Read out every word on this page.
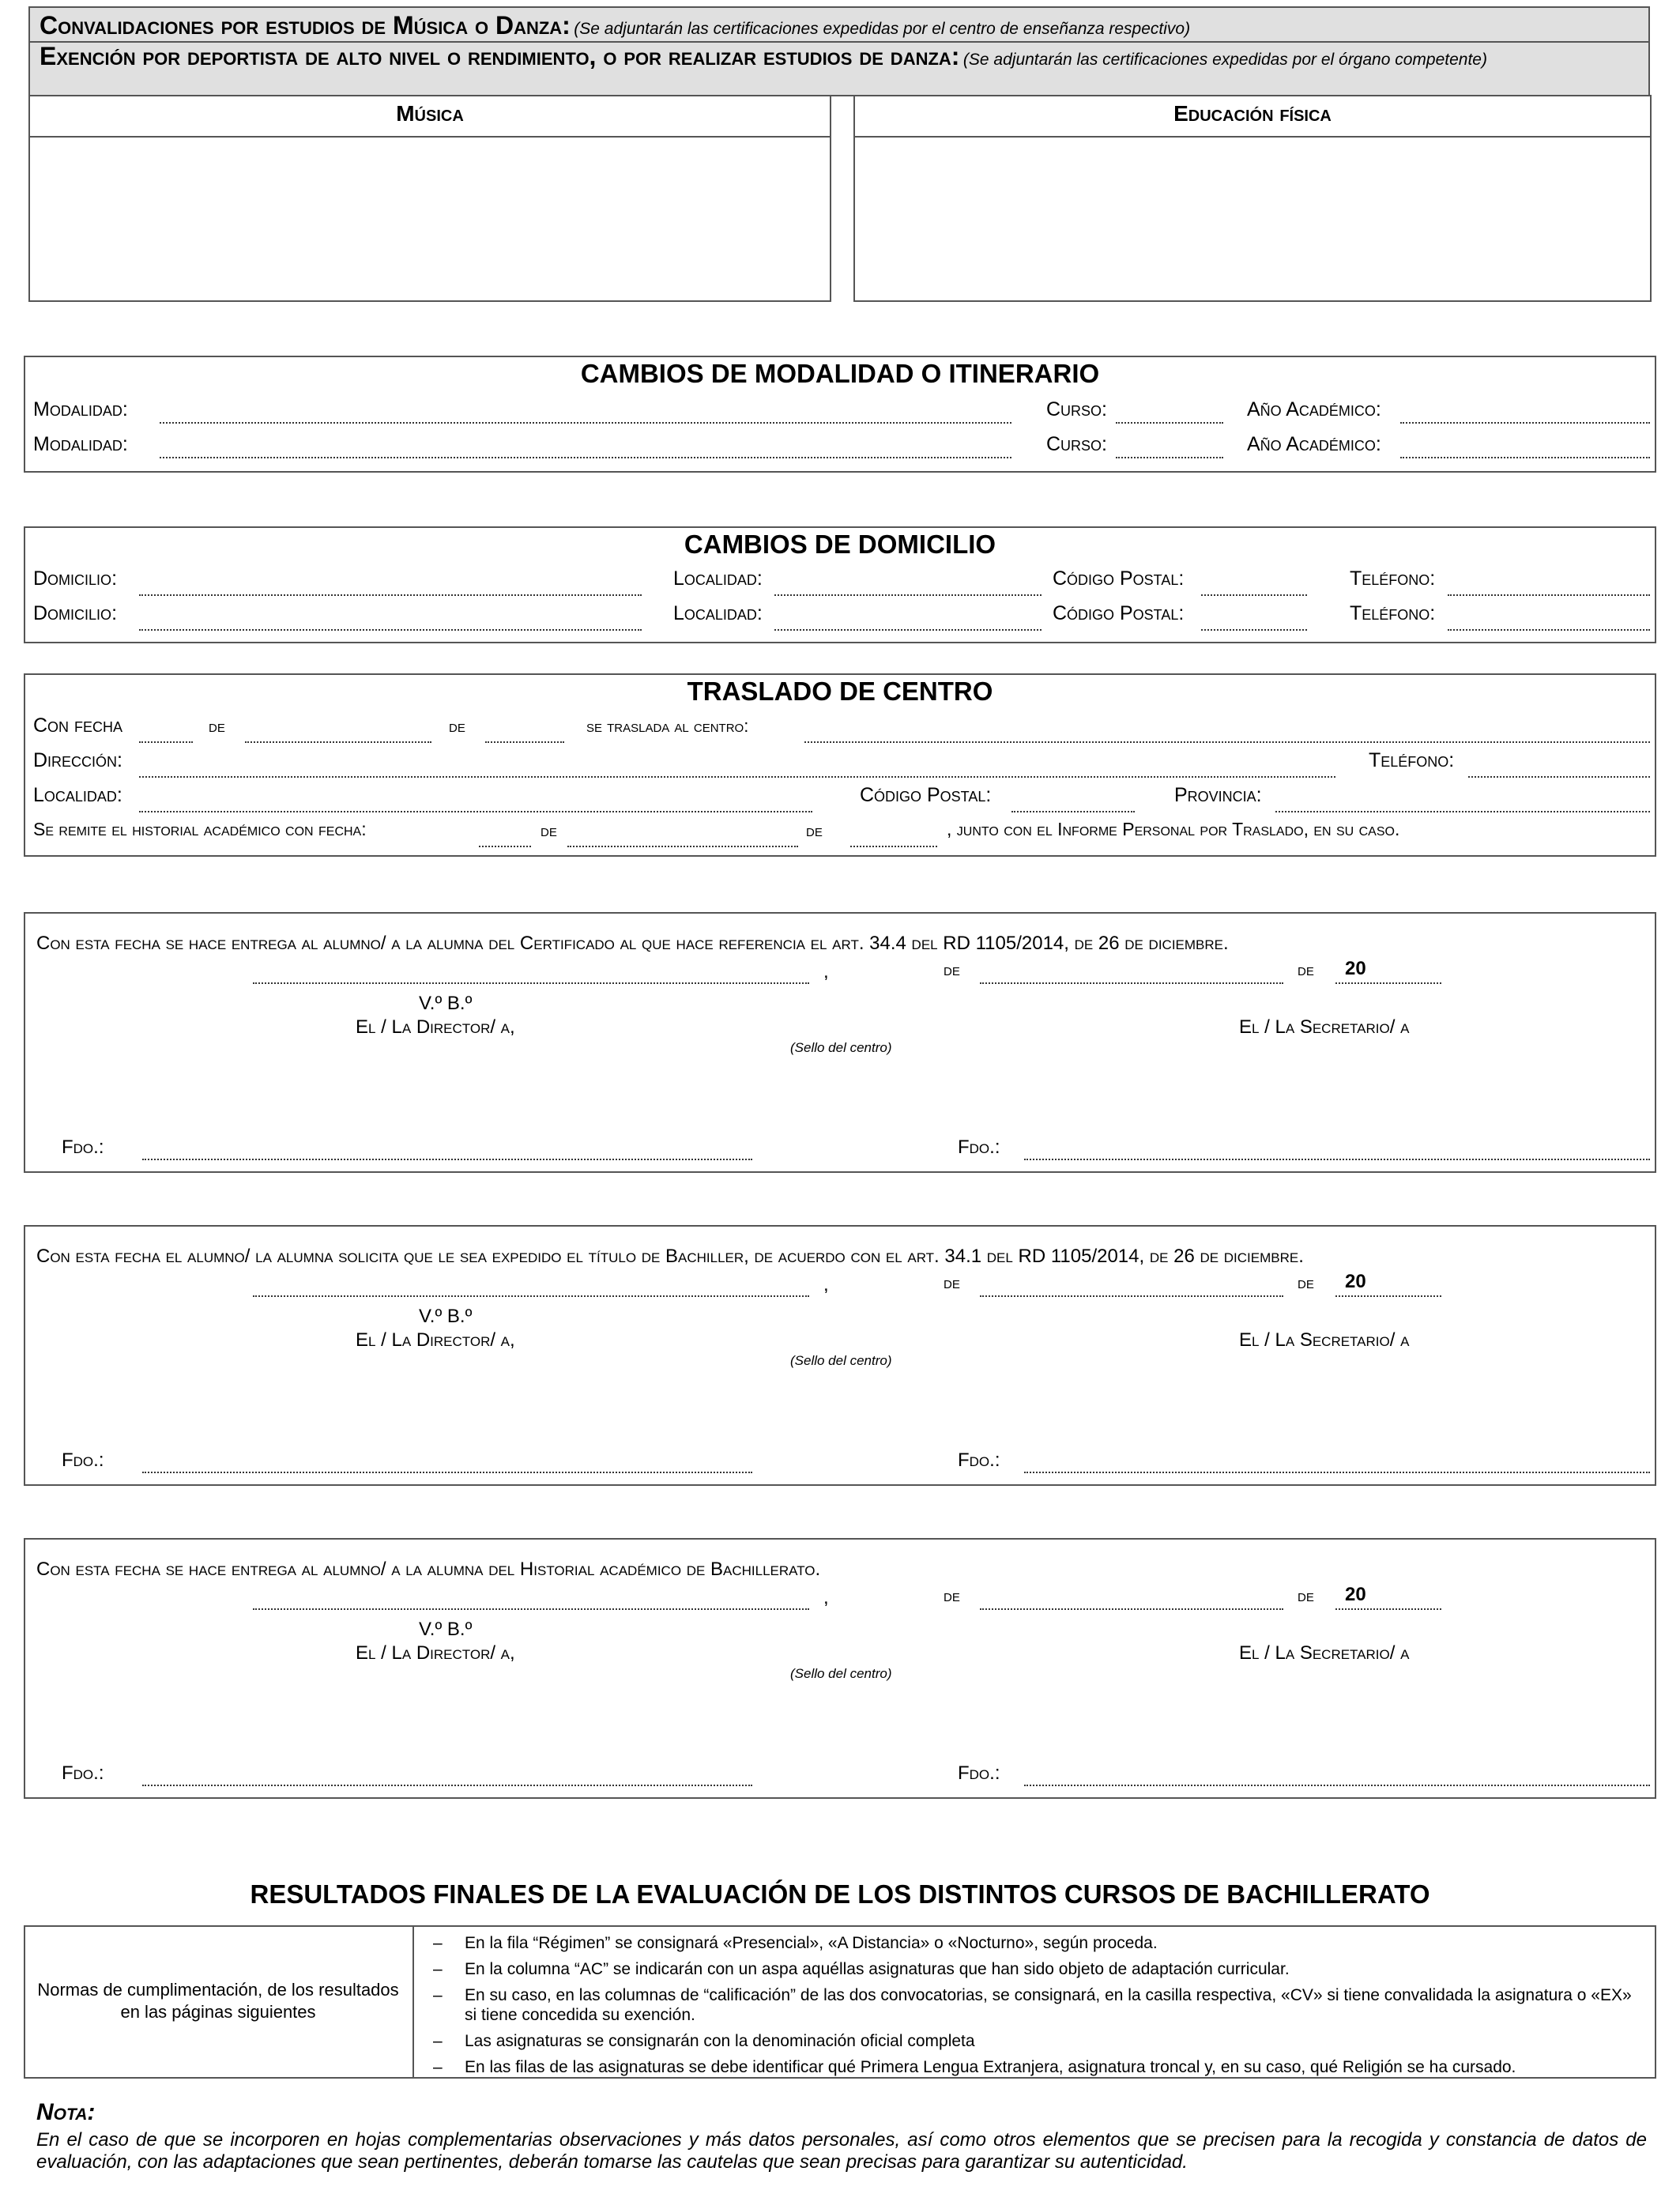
Convalidaciones por estudios de Música o Danza: (Se adjuntarán las certificaciones expedidas por el centro de enseñanza respectivo)
Exención por deportista de alto nivel o rendimiento, o por realizar estudios de danza: (Se adjuntarán las certificaciones expedidas por el órgano competente)
Música	Educación física
CAMBIOS DE MODALIDAD O ITINERARIO
Modalidad:	Curso:	Año Académico:
Modalidad:	Curso:	Año Académico:
CAMBIOS DE DOMICILIO
Domicilio:	Localidad:	Código Postal:	Teléfono:
Domicilio:	Localidad:	Código Postal:	Teléfono:
TRASLADO DE CENTRO
Con fecha	de	de	se traslada al centro:
Dirección:	Teléfono:
Localidad:	Código Postal:	Provincia:
Se remite el historial académico con fecha:	de	de	, junto con el Informe Personal por Traslado, en su caso.
Con esta fecha se hace entrega al alumno/ a la alumna del Certificado al que hace referencia el art. 34.4 del RD 1105/2014, de 26 de diciembre.
,	de	de 20
V.º B.º
El / La Director/ a,	El / La Secretario/ a
(Sello del centro)
Fdo.:	Fdo.:
Con esta fecha el alumno/ la alumna solicita que le sea expedido el título de Bachiller, de acuerdo con el art. 34.1 del RD 1105/2014, de 26 de diciembre.
,	de	de 20
V.º B.º
El / La Director/ a,	El / La Secretario/ a
(Sello del centro)
Fdo.:	Fdo.:
Con esta fecha se hace entrega al alumno/ a la alumna del Historial académico de Bachillerato.
,	de	de 20
V.º B.º
El / La Director/ a,	El / La Secretario/ a
(Sello del centro)
Fdo.:	Fdo.:
RESULTADOS FINALES DE LA EVALUACIÓN DE LOS DISTINTOS CURSOS DE BACHILLERATO
Normas de cumplimentación, de los resultados en las páginas siguientes
– En la fila “Régimen” se consignará «Presencial», «A Distancia» o «Nocturno», según proceda.
– En la columna “AC” se indicarán con un aspa aquéllas asignaturas que han sido objeto de adaptación curricular.
– En su caso, en las columnas de “calificación” de las dos convocatorias, se consignará, en la casilla respectiva, «CV» si tiene convalidada la asignatura o «EX» si tiene concedida su exención.
– Las asignaturas se consignarán con la denominación oficial completa
– En las filas de las asignaturas se debe identificar qué Primera Lengua Extranjera, asignatura troncal y, en su caso, qué Religión se ha cursado.
Nota:
En el caso de que se incorporen en hojas complementarias observaciones y más datos personales, así como otros elementos que se precisen para la recogida y constancia de datos de evaluación, con las adaptaciones que sean pertinentes, deberán tomarse las cautelas que sean precisas para garantizar su autenticidad.
